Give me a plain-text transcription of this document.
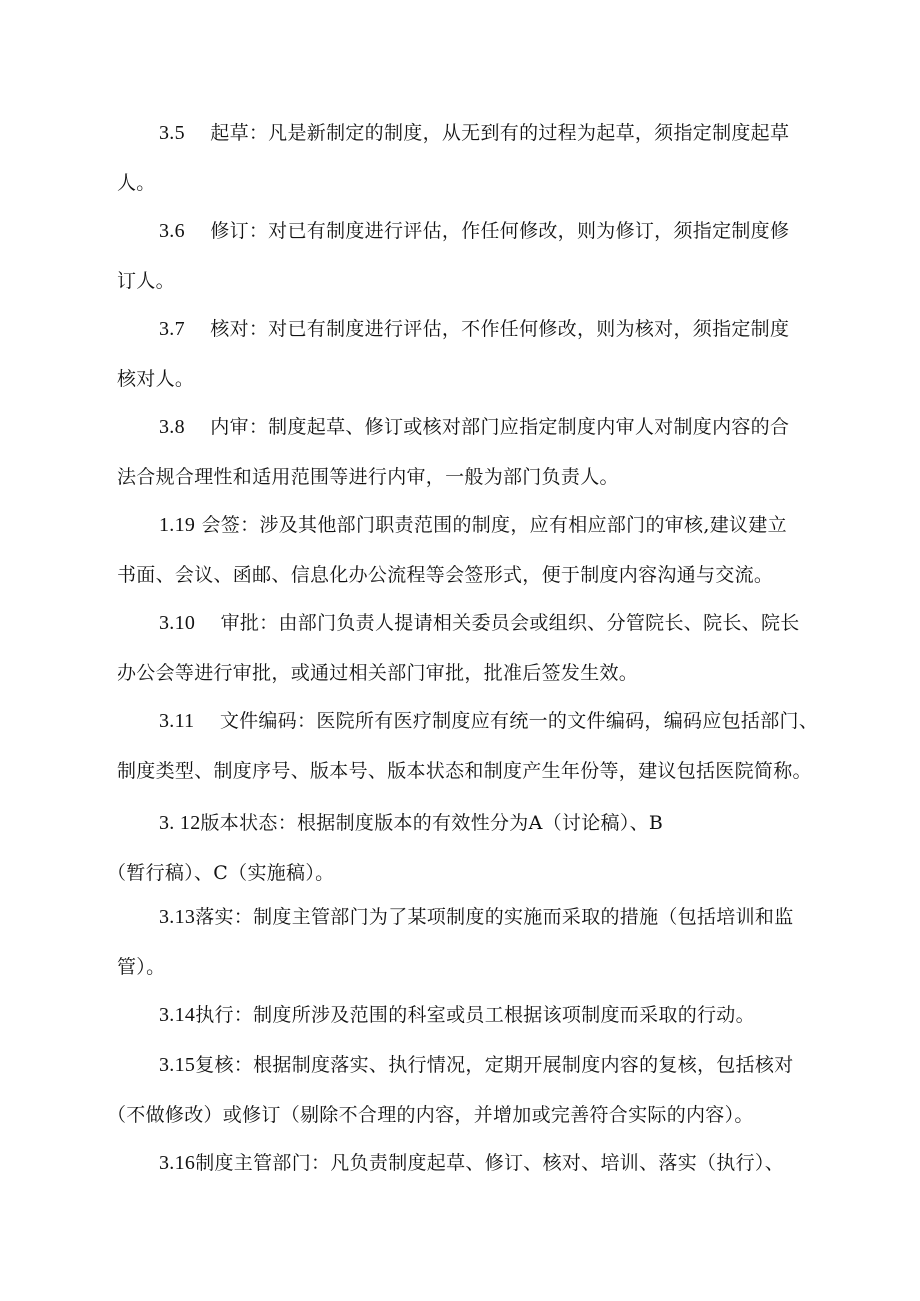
3.5 起草：凡是新制定的制度，从无到有的过程为起草，须指定制度起草
人。
3.6 修订：对已有制度进行评估，作任何修改，则为修订，须指定制度修
订人。
3.7 核对：对已有制度进行评估，不作任何修改，则为核对，须指定制度
核对人。
3.8 内审：制度起草、修订或核对部门应指定制度内审人对制度内容的合
法合规合理性和适用范围等进行内审，一般为部门负责人。
1.19 会签：涉及其他部门职责范围的制度，应有相应部门的审核,建议建立
书面、会议、函邮、信息化办公流程等会签形式，便于制度内容沟通与交流。
3.10 审批：由部门负责人提请相关委员会或组织、分管院长、院长、院长
办公会等进行审批，或通过相关部门审批，批准后签发生效。
3.11 文件编码：医院所有医疗制度应有统一的文件编码，编码应包括部门、
制度类型、制度序号、版本号、版本状态和制度产生年份等，建议包括医院简称。
3. 12版本状态：根据制度版本的有效性分为A（讨论稿）、B
（暂行稿）、C（实施稿）。
3.13落实：制度主管部门为了某项制度的实施而采取的措施（包括培训和监
管）。
3.14执行：制度所涉及范围的科室或员工根据该项制度而采取的行动。
3.15复核：根据制度落实、执行情况，定期开展制度内容的复核，包括核对
（不做修改）或修订（剔除不合理的内容，并增加或完善符合实际的内容）。
3.16制度主管部门：凡负责制度起草、修订、核对、培训、落实（执行）、
